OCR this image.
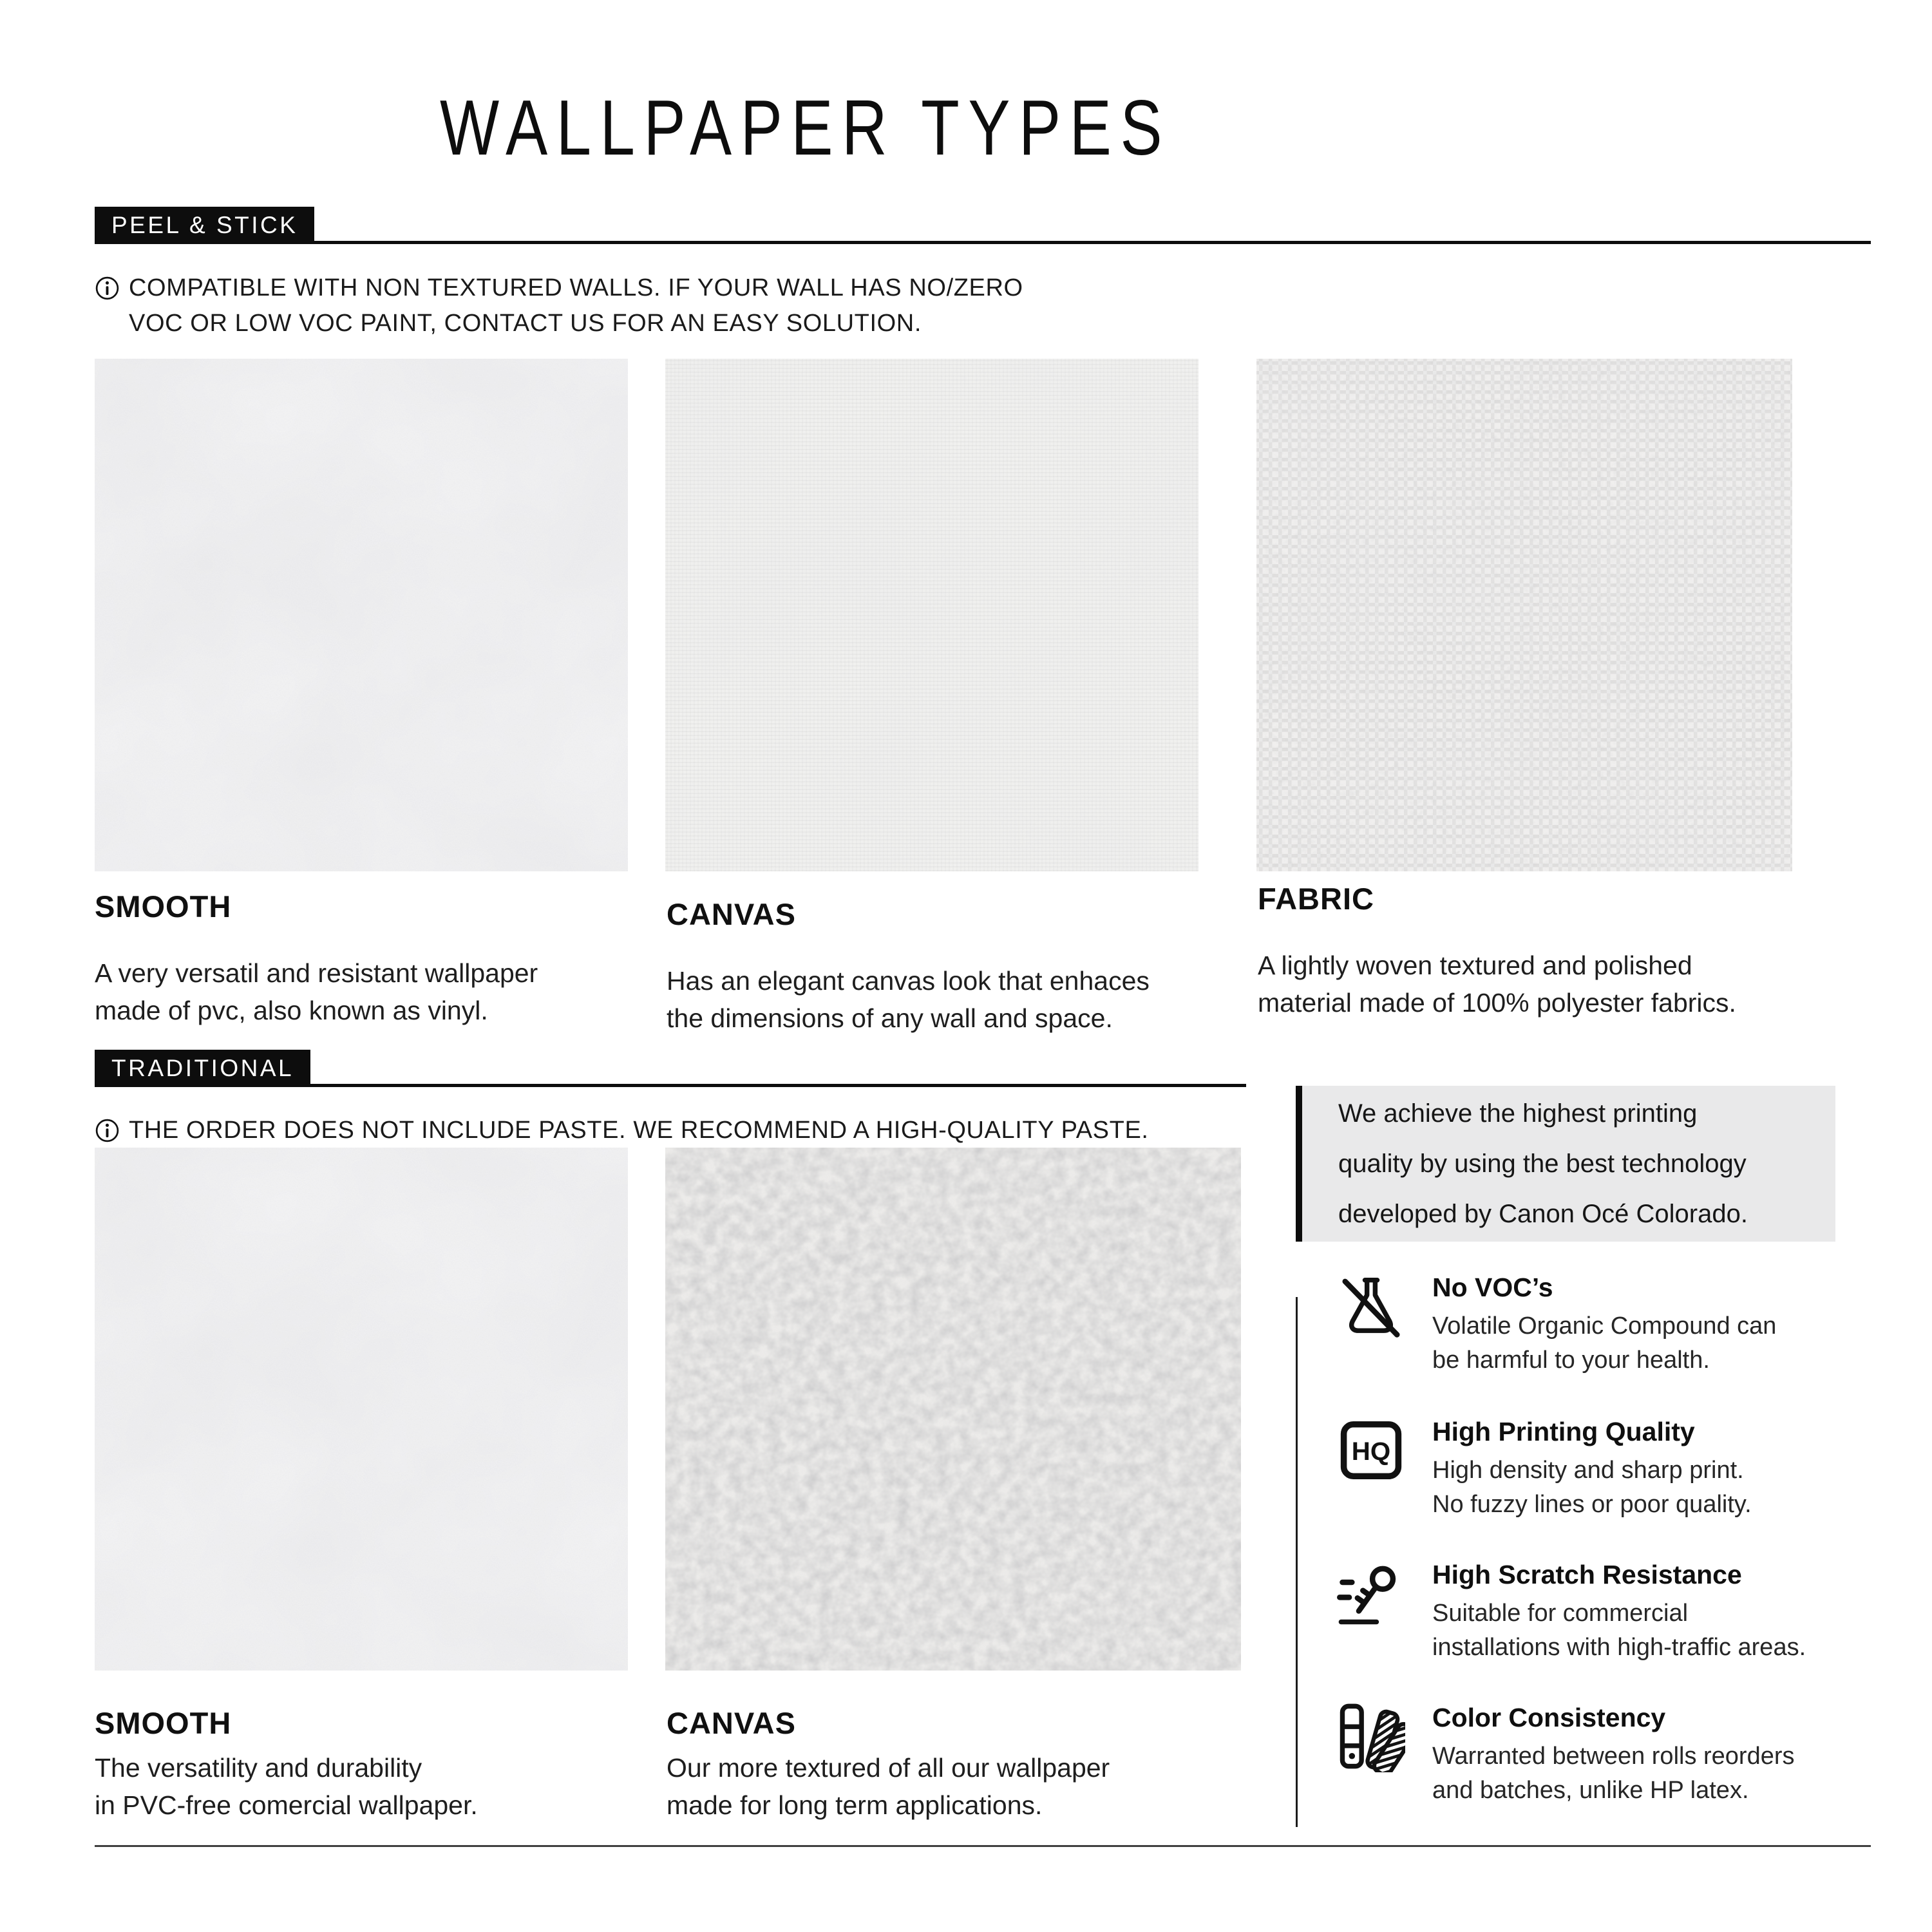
WALLPAPER TYPES
PEEL & STICK
COMPATIBLE WITH NON TEXTURED WALLS. IF YOUR WALL HAS NO/ZERO
VOC OR LOW VOC PAINT, CONTACT US FOR AN EASY SOLUTION.
SMOOTH
A very versatil and resistant wallpaper
made of pvc, also known as vinyl.
CANVAS
Has an elegant canvas look that enhaces
the dimensions of any wall and space.
FABRIC
A lightly woven textured and polished
material made of 100% polyester fabrics.
TRADITIONAL
THE ORDER DOES NOT INCLUDE PASTE. WE RECOMMEND A HIGH-QUALITY PASTE.
SMOOTH
The versatility and durability
in PVC-free comercial wallpaper.
CANVAS
Our more textured of all our wallpaper
made for long term applications.
We achieve the highest printing
quality by using the best technology
developed by Canon Océ Colorado.
No VOC’s
Volatile Organic Compound can
be harmful to your health.
HQ
High Printing Quality
High density and sharp print.
No fuzzy lines or poor quality.
High Scratch Resistance
Suitable for commercial
installations with high-traffic areas.
Color Consistency
Warranted between rolls reorders
and batches, unlike HP latex.
